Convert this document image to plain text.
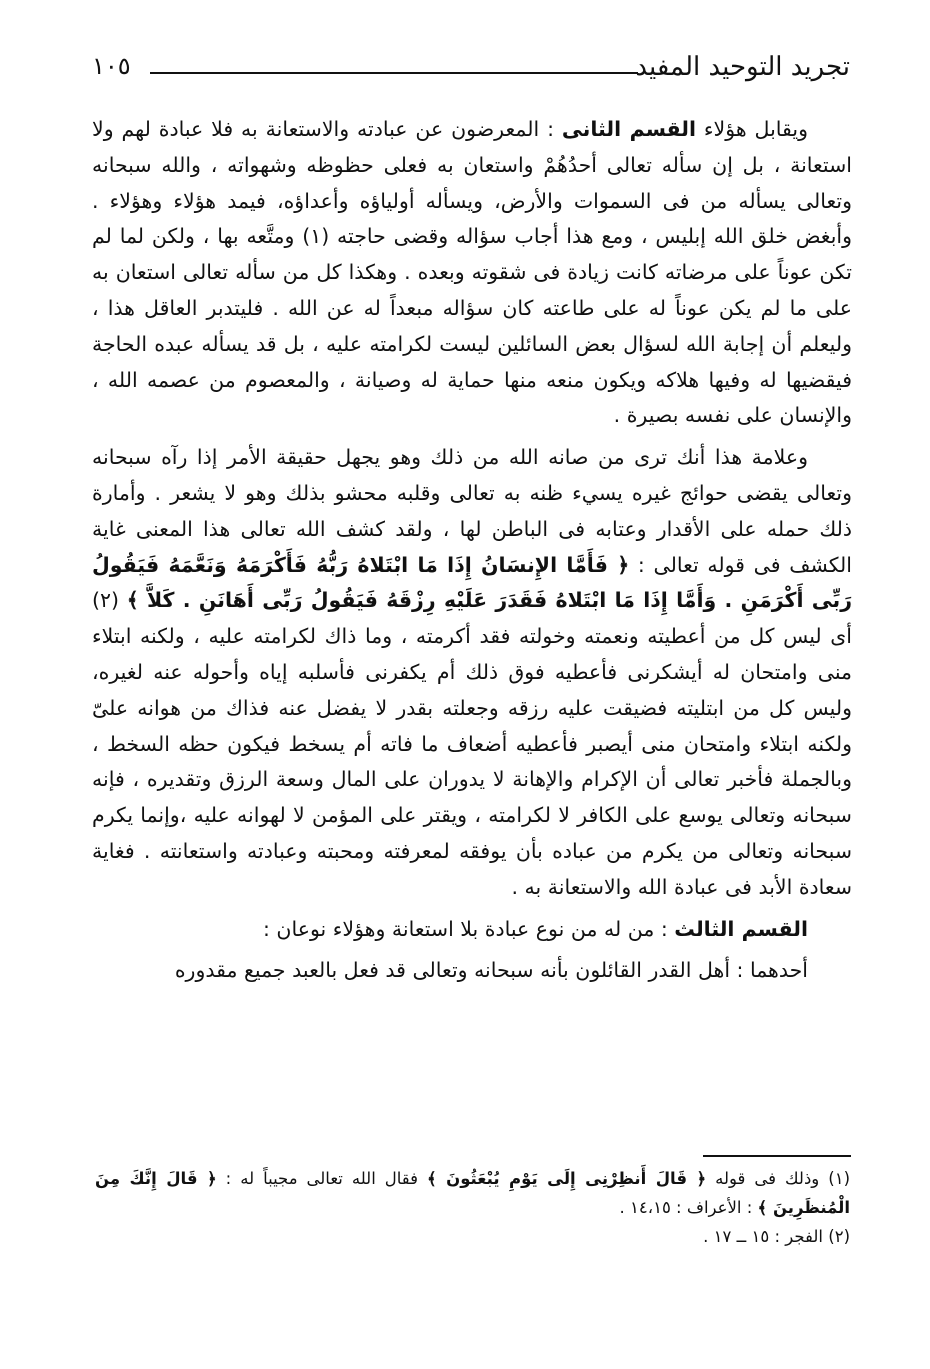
تجريد التوحيد المفيد
١٠٥

ويقابل هؤلاء القسم الثانى : المعرضون عن عبادته والاستعانة به فلا عبادة لهم ولا استعانة ، بل إن سأله تعالى أحدُهُمْ واستعان به فعلى حظوظه وشهواته ، والله سبحانه وتعالى يسأله من فى السموات والأرض، ويسأله أولياؤه وأعداؤه، فيمد هؤلاء وهؤلاء . وأبغض خلق الله إبليس ، ومع هذا أجاب سؤاله وقضى حاجته (١) ومتَّعه بها ، ولكن لما لم تكن عوناً على مرضاته كانت زيادة فى شقوته وبعده . وهكذا كل من سأله تعالى استعان به على ما لم يكن عوناً له على طاعته كان سؤاله مبعداً له عن الله . فليتدبر العاقل هذا ، وليعلم أن إجابة الله لسؤال بعض السائلين ليست لكرامته عليه ، بل قد يسأله عبده الحاجة فيقضيها له وفيها هلاكه ويكون منعه منها حماية له وصيانة ، والمعصوم من عصمه الله ، والإنسان على نفسه بصيرة .

وعلامة هذا أنك ترى من صانه الله من ذلك وهو يجهل حقيقة الأمر إذا رآه سبحانه وتعالى يقضى حوائج غيره يسيء ظنه به تعالى وقلبه محشو بذلك وهو لا يشعر . وأمارة ذلك حمله على الأقدار وعتابه فى الباطن لها ، ولقد كشف الله تعالى هذا المعنى غاية الكشف فى قوله تعالى : ﴿ فَأَمَّا الإِنسَانُ إِذَا مَا ابْتَلاهُ رَبُّهُ فَأَكْرَمَهُ وَنَعَّمَهُ فَيَقُولُ رَبِّى أَكْرَمَنِ . وَأَمَّا إِذَا مَا ابْتَلاهُ فَقَدَرَ عَلَيْهِ رِزْقَهُ فَيَقُولُ رَبِّى أَهَانَنِ . كَلاَّ ﴾ (٢) أى ليس كل من أعطيته ونعمته وخولته فقد أكرمته ، وما ذاك لكرامته عليه ، ولكنه ابتلاء منى وامتحان له أيشكرنى فأعطيه فوق ذلك أم يكفرنى فأسلبه إياه وأحوله عنه لغيره، وليس كل من ابتليته فضيقت عليه رزقه وجعلته بقدر لا يفضل عنه فذاك من هوانه علىّ ولكنه ابتلاء وامتحان منى أيصبر فأعطيه أضعاف ما فاته أم يسخط فيكون حظه السخط ، وبالجملة فأخبر تعالى أن الإكرام والإهانة لا يدوران على المال وسعة الرزق وتقديره ، فإنه سبحانه وتعالى يوسع على الكافر لا لكرامته ، ويقتر على المؤمن لا لهوانه عليه ،وإنما يكرم سبحانه وتعالى من يكرم من عباده بأن يوفقه لمعرفته ومحبته وعبادته واستعانته . فغاية سعادة الأبد فى عبادة الله والاستعانة به .

القسم الثالث : من له من نوع عبادة بلا استعانة وهؤلاء نوعان :

أحدهما : أهل القدر القائلون بأنه سبحانه وتعالى قد فعل بالعبد جميع مقدوره

(١) وذلك فى قوله ﴿ قَالَ أَنظِرْنِى إِلَى يَوْمِ يُبْعَثُونَ ﴾ فقال الله تعالى مجيباً له : ﴿ قَالَ إِنَّكَ مِنَ الْمُنظَرِينَ ﴾ : الأعراف : ١٤،١٥ .

(٢) الفجر : ١٥ ــ ١٧ .
